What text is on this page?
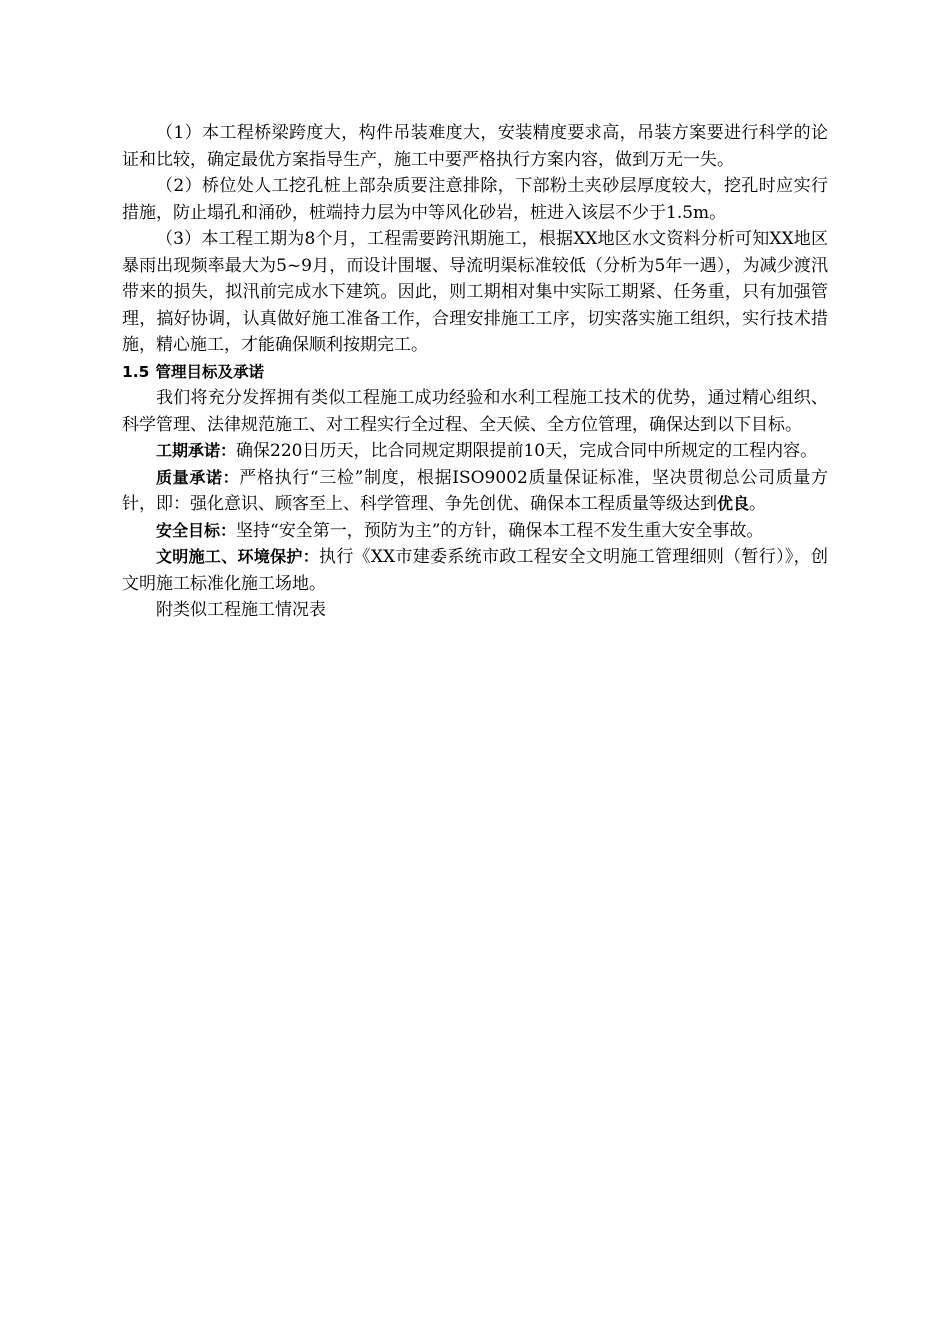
（1）本工程桥梁跨度大，构件吊装难度大，安装精度要求高，吊装方案要进行科学的论证和比较，确定最优方案指导生产，施工中要严格执行方案内容，做到万无一失。

（2）桥位处人工挖孔桩上部杂质要注意排除，下部粉土夹砂层厚度较大，挖孔时应实行措施，防止塌孔和涌砂，桩端持力层为中等风化砂岩，桩进入该层不少于1.5m。

（3）本工程工期为8个月，工程需要跨汛期施工，根据XX地区水文资料分析可知XX地区暴雨出现频率最大为5~9月，而设计围堰、导流明渠标准较低（分析为5年一遇），为减少渡汛带来的损失，拟汛前完成水下建筑。因此，则工期相对集中实际工期紧、任务重，只有加强管理，搞好协调，认真做好施工准备工作，合理安排施工工序，切实落实施工组织，实行技术措施，精心施工，才能确保顺利按期完工。

1.5 管理目标及承诺

我们将充分发挥拥有类似工程施工成功经验和水利工程施工技术的优势，通过精心组织、科学管理、法律规范施工、对工程实行全过程、全天候、全方位管理，确保达到以下目标。

工期承诺：确保220日历天，比合同规定期限提前10天，完成合同中所规定的工程内容。

质量承诺：严格执行“三检”制度，根据ISO9002质量保证标准，坚决贯彻总公司质量方针，即：强化意识、顾客至上、科学管理、争先创优、确保本工程质量等级达到优良。

安全目标：坚持“安全第一，预防为主”的方针，确保本工程不发生重大安全事故。

文明施工、环境保护：执行《XX市建委系统市政工程安全文明施工管理细则（暂行）》，创文明施工标准化施工场地。

附类似工程施工情况表
